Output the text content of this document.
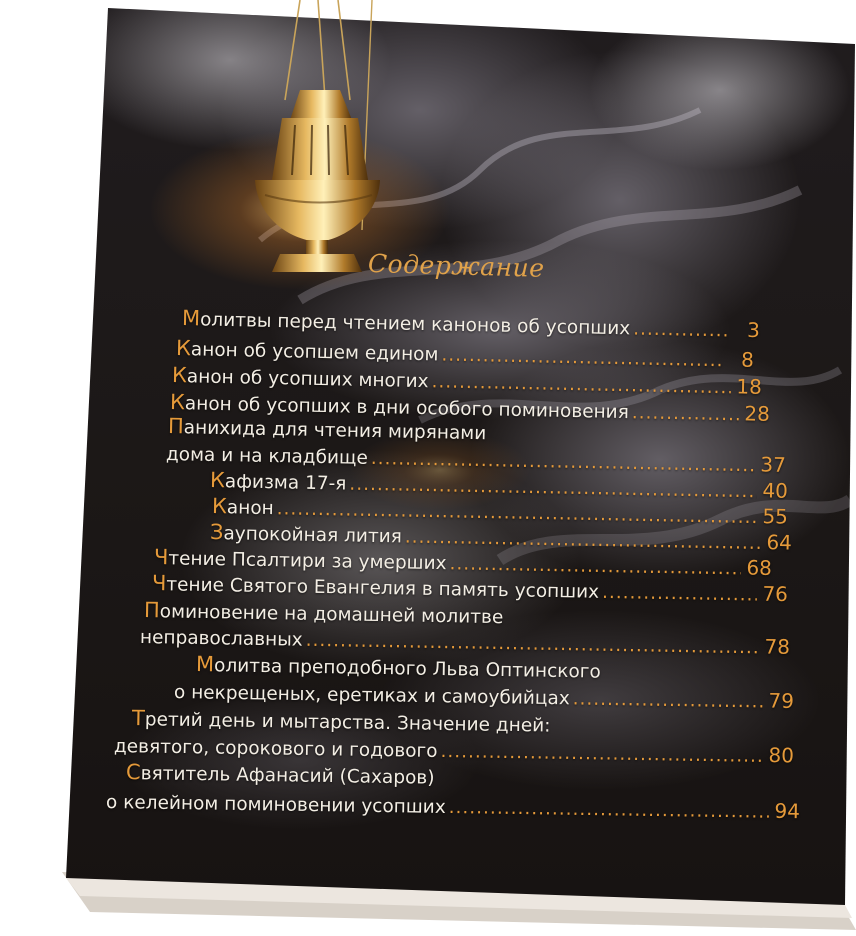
Содержание
М олитвы перед чтением канонов об усопших .....	3
К анон об усопшем едином .....	8
К анон об усопших многих .....	18
К анон об усопших в дни особого поминовения .....	28
П анихида для чтения мирянами
дома и на кладбище .....	37
К афизма 17-я .....	40
К анон .....	55
З аупокойная лития .....	64
Ч тение Псалтири за умерших .....	68
Ч тение Святого Евангелия в память усопших .....	76
П оминовение на домашней молитве
неправославных .....	78
М олитва преподобного Льва Оптинского
о некрещеных, еретиках и самоубийцах .....	79
Т ретий день и мытарства. Значение дней:
девятого, сорокового и годового .....	80
С вятитель Афанасий (Сахаров)
о келейном поминовении усопших .....	94
